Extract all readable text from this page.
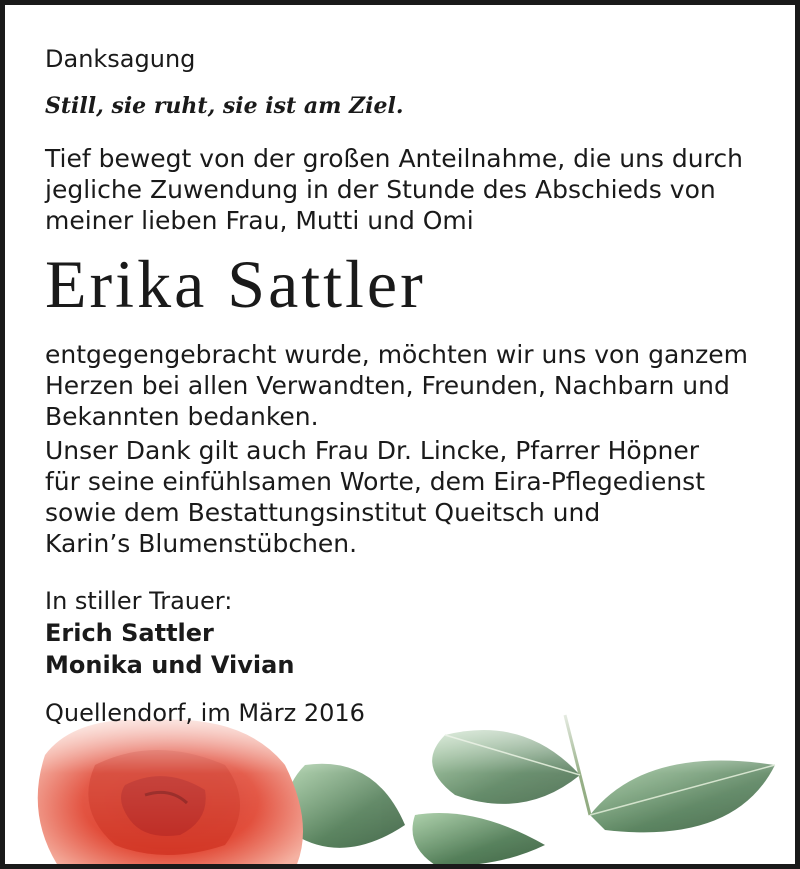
Danksagung
Still, sie ruht, sie ist am Ziel.
Tief bewegt von der großen Anteilnahme, die uns durch
jegliche Zuwendung in der Stunde des Abschieds von
meiner lieben Frau, Mutti und Omi
Erika Sattler
entgegengebracht wurde, möchten wir uns von ganzem
Herzen bei allen Verwandten, Freunden, Nachbarn und
Bekannten bedanken.
Unser Dank gilt auch Frau Dr. Lincke, Pfarrer Höpner
für seine einfühlsamen Worte, dem Eira-Pflegedienst
sowie dem Bestattungsinstitut Queitsch und
Karin’s Blumenstübchen.
In stiller Trauer:
Erich Sattler
Monika und Vivian
Quellendorf, im März 2016
